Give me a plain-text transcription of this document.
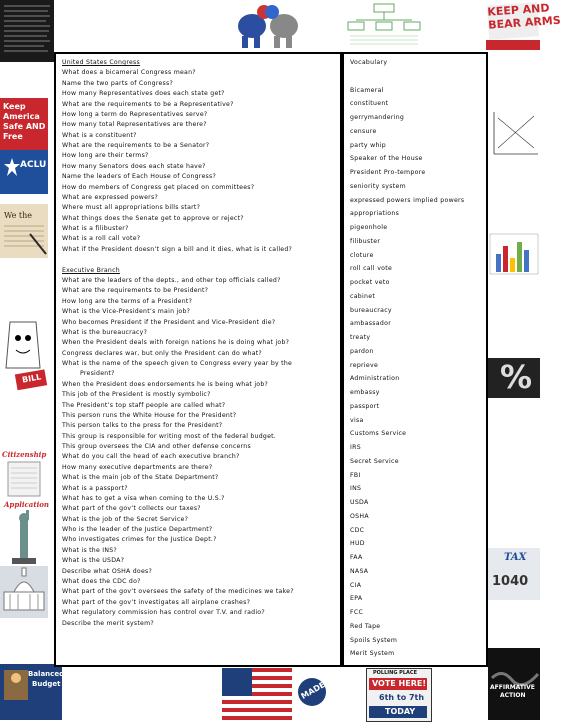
KEEP AND
BEAR ARMS
Keep
America
Safe AND
Free
ACLU
We the
BILL
Citizenship
Application
%
TAX
1040
AFFIRMATIVE
ACTION
Balanced
Budget	MADE
POLLING PLACE
VOTE HERE!
6th to 7th
TODAY
United States Congress
What does a bicameral Congress mean?
Name the two parts of Congress?
How many Representatives does each state get?
What are the requirements to be a Representative?
How long a term do Representatives serve?
How many total Representatives are there?
What is a constituent?
What are the requirements to be a Senator?
How long are their terms?
How many Senators does each state have?
Name the leaders of Each House of Congress?
How do members of Congress get placed on committees?
What are expressed powers?
Where must all appropriations bills start?
What things does the Senate get to approve or reject?
What is a filibuster?
What is a roll call vote?
What if the President doesn’t sign a bill and it dies, what is it called?
Executive Branch
What are the leaders of the depts., and other top officials called?
What are the requirements to be President?
How long are the terms of a President?
What is the Vice-President’s main job?
Who becomes President if the President and Vice-President die?
What is the bureaucracy?
When the President deals with foreign nations he is doing what job?
Congress declares war, but only the President can do what?
What is the name of the speech given to Congress every year by the
President?
When the President does endorsements he is being what job?
This job of the President is mostly symbolic?
The President’s top staff people are called what?
This person runs the White House for the President?
This person talks to the press for the President?
This group is responsible for writing most of the federal budget.
This group oversees the CIA and other defense concerns
What do you call the head of each executive branch?
How many executive departments are there?
What is the main job of the State Department?
What is a passport?
What has to get a visa when coming to the U.S.?
What part of the gov’t collects our taxes?
What is the job of the Secret Service?
Who is the leader of the Justice Department?
Who investigates crimes for the Justice Dept.?
What is the INS?
What is the USDA?
Describe what OSHA does?
What does the CDC do?
What part of the gov’t oversees the safety of the medicines we take?
What part of the gov’t investigates all airplane crashes?
What regulatory commission has control over T.V. and radio?
Describe the merit system?
Vocabulary
Bicameral
constituent
gerrymandering
censure
party whip
Speaker of the House
President Pro-tempore
seniority system
expressed powers implied powers
appropriations
pigeonhole
filibuster
cloture
roll call vote
pocket veto
cabinet
bureaucracy
ambassador
treaty
pardon
reprieve
Administration
embassy
passport
visa
Customs Service
IRS
Secret Service
FBI
INS
USDA
OSHA
CDC
HUD
FAA
NASA
CIA
EPA
FCC
Red Tape
Spoils System
Merit System
